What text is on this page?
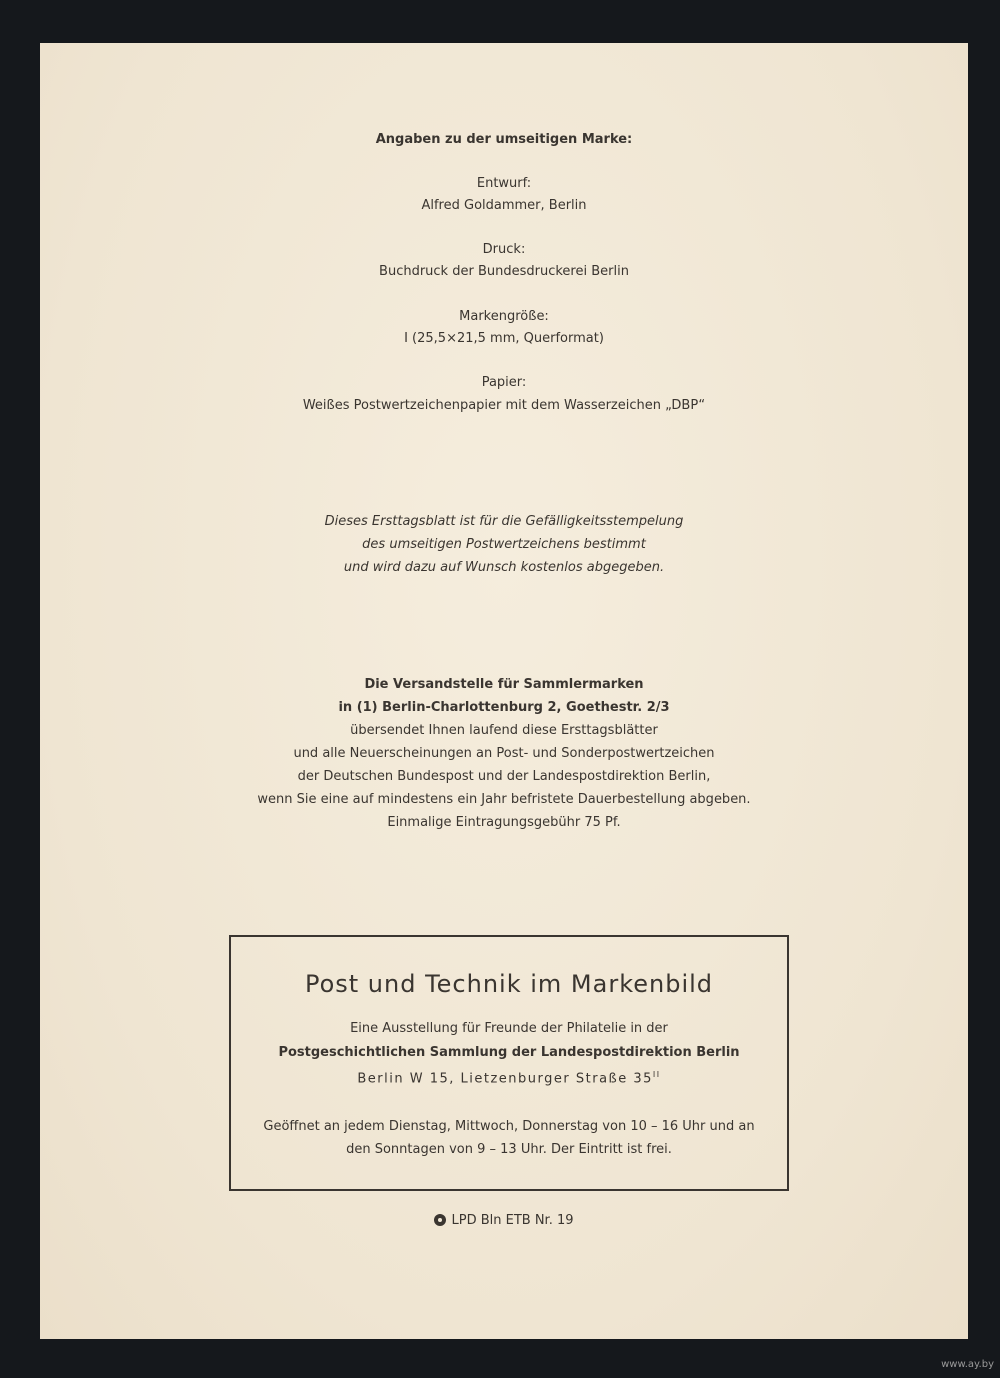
Angaben zu der umseitigen Marke:
Entwurf:
Alfred Goldammer, Berlin
Druck:
Buchdruck der Bundesdruckerei Berlin
Markengröße:
I (25,5×21,5 mm, Querformat)
Papier:
Weißes Postwertzeichenpapier mit dem Wasserzeichen „DBP“
Dieses Ersttagsblatt ist für die Gefälligkeitsstempelung
des umseitigen Postwertzeichens bestimmt
und wird dazu auf Wunsch kostenlos abgegeben.
Die Versandstelle für Sammlermarken
in (1) Berlin-Charlottenburg 2, Goethestr. 2/3
übersendet Ihnen laufend diese Ersttagsblätter
und alle Neuerscheinungen an Post- und Sonderpostwertzeichen
der Deutschen Bundespost und der Landespostdirektion Berlin,
wenn Sie eine auf mindestens ein Jahr befristete Dauerbestellung abgeben.
Einmalige Eintragungsgebühr 75 Pf.
Post und Technik im Markenbild
Eine Ausstellung für Freunde der Philatelie in der
Postgeschichtlichen Sammlung der Landespostdirektion Berlin
Berlin W 15, Lietzenburger Straße $35^{II}$
Geöffnet an jedem Dienstag, Mittwoch, Donnerstag von 10 – 16 Uhr und an
den Sonntagen von 9 – 13 Uhr. Der Eintritt ist frei.
LPD Bln ETB Nr. 19
www.ay.by
